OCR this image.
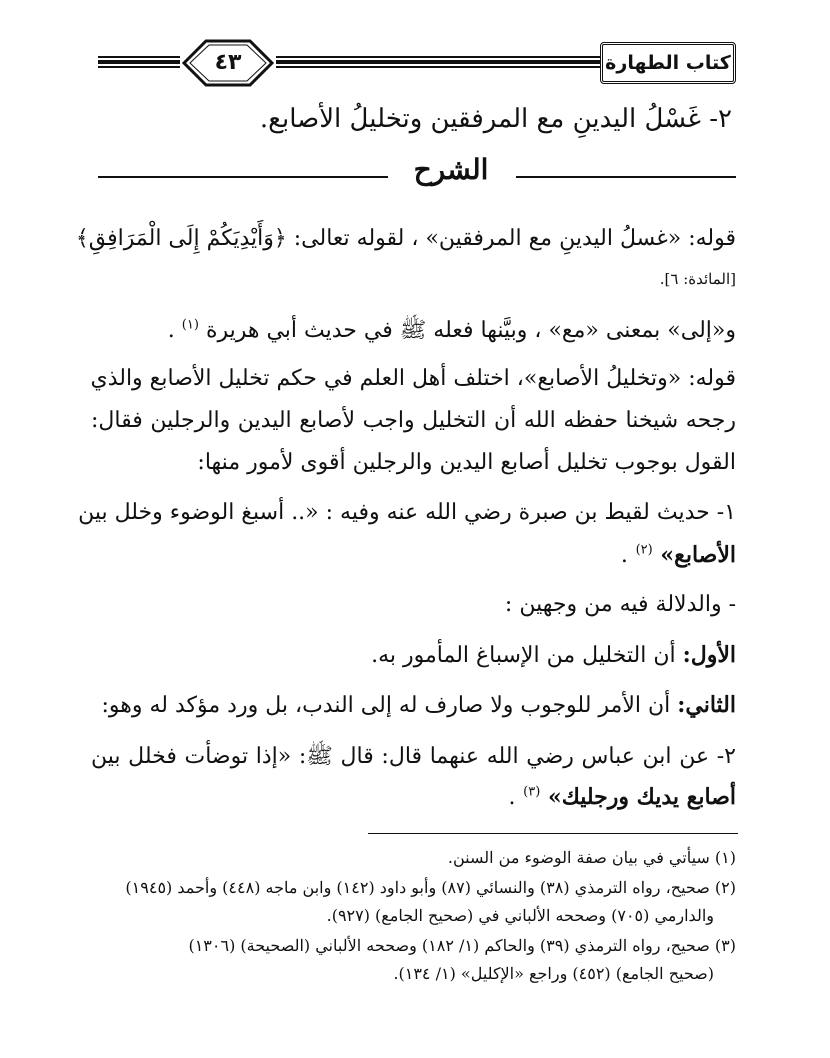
٤٣	كتاب الطهارة
٢- غَسْلُ اليدينِ مع المرفقين وتخليلُ الأصابع.
الشرح
قوله: «غسلُ اليدينِ مع المرفقين» ، لقوله تعالى: ﴿وَأَيْدِيَكُمْ إِلَى الْمَرَافِقِ﴾
[المائدة: ٦].
و«إلى» بمعنى «مع» ، وبيَّنها فعله ﷺ في حديث أبي هريرة $^{(١)}$ .
قوله: «وتخليلُ الأصابع»، اختلف أهل العلم في حكم تخليل الأصابع والذي
رجحه شيخنا حفظه الله أن التخليل واجب لأصابع اليدين والرجلين فقال:
القول بوجوب تخليل أصابع اليدين والرجلين أقوى لأمور منها:
١- حديث لقيط بن صبرة رضي الله عنه وفيه : «.. أسبغ الوضوء وخلل بين
الأصابع» $^{(٢)}$ .
- والدلالة فيه من وجهين :
الأول: أن التخليل من الإسباغ المأمور به.
الثاني: أن الأمر للوجوب ولا صارف له إلى الندب، بل ورد مؤكد له وهو:
٢- عن ابن عباس رضي الله عنهما قال: قال ﷺ: «إذا توضأت فخلل بين
أصابع يديك ورجليك» $^{(٣)}$ .
(١) سيأتي في بيان صفة الوضوء من السنن.
(٢) صحيح، رواه الترمذي (٣٨) والنسائي (٨٧) وأبو داود (١٤٢) وابن ماجه (٤٤٨) وأحمد (١٩٤٥)
والدارمي (٧٠٥) وصححه الألباني في (صحيح الجامع) (٩٢٧).
(٣) صحيح، رواه الترمذي (٣٩) والحاكم (١/ ١٨٢) وصححه الألباني (الصحيحة) (١٣٠٦)
(صحيح الجامع) (٤٥٢) وراجع «الإكليل» (١/ ١٣٤).
